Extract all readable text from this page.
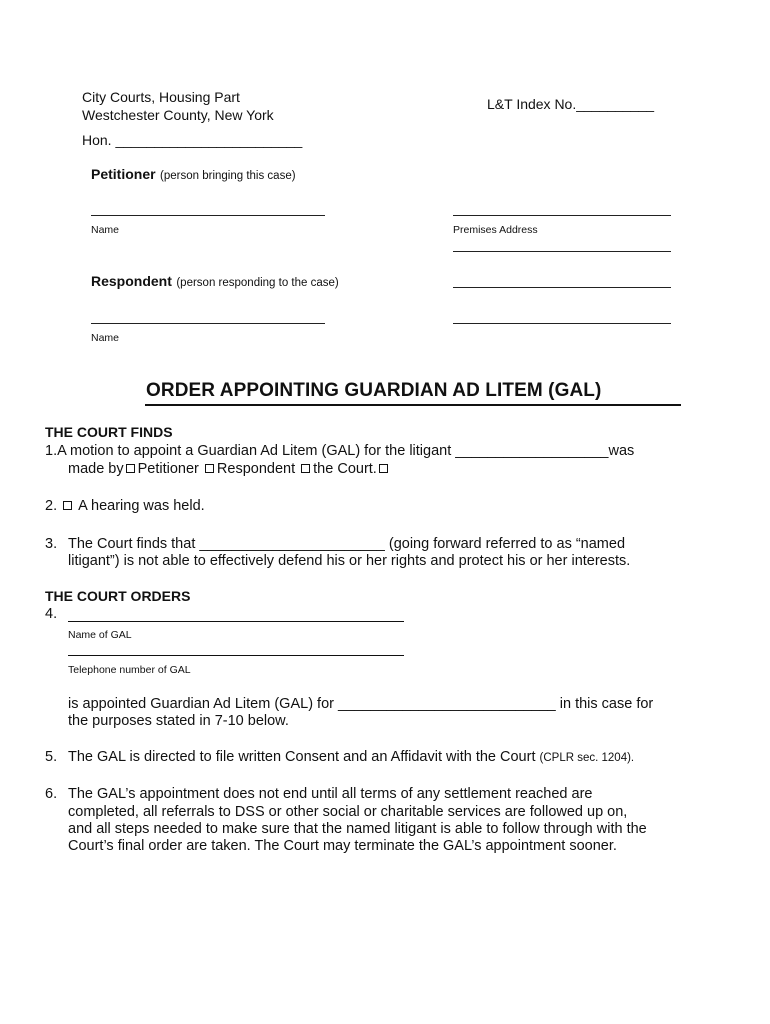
City Courts, Housing Part
Westchester County, New York
Hon. ________________________
L&T Index No.__________
Petitioner (person bringing this case)
Name	Premises Address
Respondent (person responding to the case)
Name
ORDER APPOINTING GUARDIAN AD LITEM (GAL)
THE COURT FINDS
1.A motion to appoint a Guardian Ad Litem (GAL) for the litigant ___________________was
made by Petitioner Respondent the Court.
2. A hearing was held.
3. The Court finds that _______________________ (going forward referred to as “named
litigant”) is not able to effectively defend his or her rights and protect his or her interests.
THE COURT ORDERS
4.
Name of GAL
Telephone number of GAL
is appointed Guardian Ad Litem (GAL) for ___________________________ in this case for
the purposes stated in 7-10 below.
5. The GAL is directed to file written Consent and an Affidavit with the Court (CPLR sec. 1204).
6. The GAL’s appointment does not end until all terms of any settlement reached are
completed, all referrals to DSS or other social or charitable services are followed up on,
and all steps needed to make sure that the named litigant is able to follow through with the
Court’s final order are taken. The Court may terminate the GAL’s appointment sooner.
